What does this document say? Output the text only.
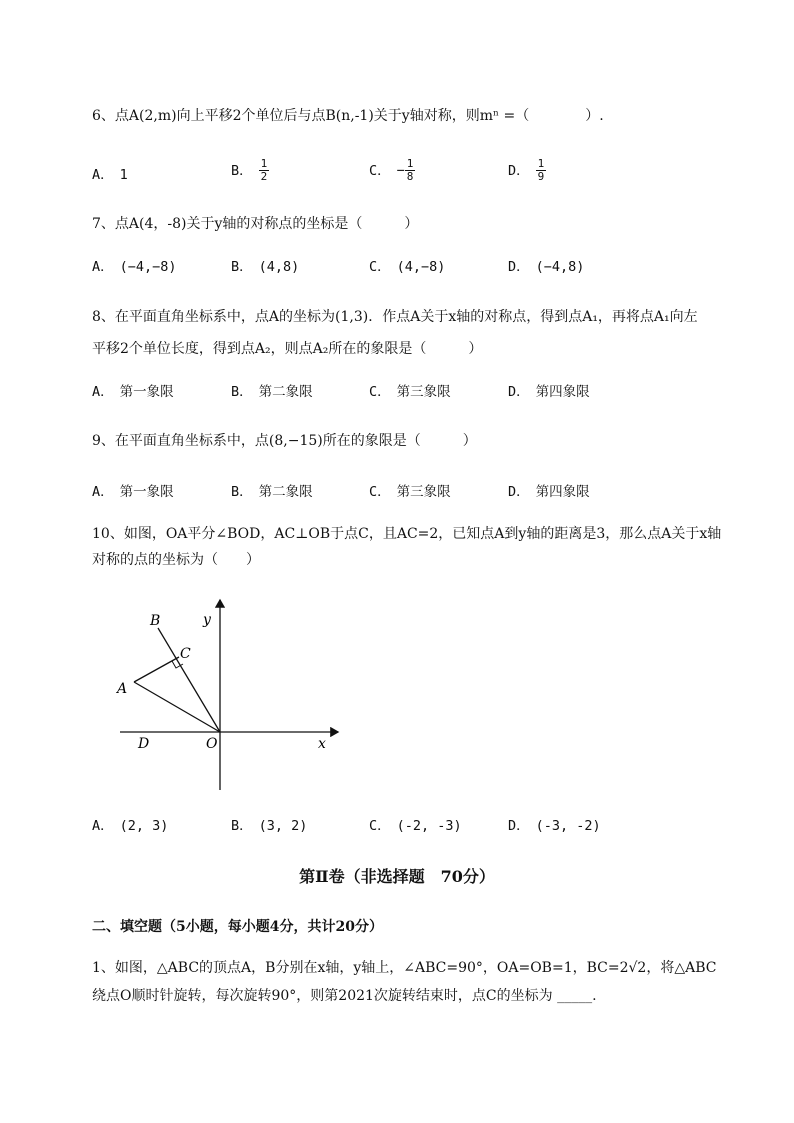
6、点A(2,m)向上平移2个单位后与点B(n,-1)关于y轴对称，则mⁿ =（　　　　）.
A． 1	B． $\frac{1}{2}$	C． − $\frac{1}{8}$	D． $\frac{1}{9}$
7、点A(4，-8)关于y轴的对称点的坐标是（　　　）
A． (−4,−8)	B． (4,8)	C． (4,−8)	D． (−4,8)
8、在平面直角坐标系中，点A的坐标为(1,3)．作点A关于x轴的对称点，得到点A₁，再将点A₁向左
平移2个单位长度，得到点A₂，则点A₂所在的象限是（　　　）
A． 第一象限	B． 第二象限	C． 第三象限	D． 第四象限
9、在平面直角坐标系中，点(8,−15)所在的象限是（　　　）
A． 第一象限	B． 第二象限	C． 第三象限	D． 第四象限
10、如图，OA平分∠BOD，AC⊥OB于点C，且AC=2，已知点A到y轴的距离是3，那么点A关于x轴
对称的点的坐标为（　　）
B	y
C
A
D	O	x
A． (2, 3)	B． (3, 2)	C． (-2, -3)	D． (-3, -2)
第Ⅱ卷（非选择题　70分）
二、填空题（5小题，每小题4分，共计20分）
1、如图，△ABC的顶点A，B分别在x轴，y轴上，∠ABC=90°，OA=OB=1，BC=2√2，将△ABC
绕点O顺时针旋转，每次旋转90°，则第2021次旋转结束时，点C的坐标为 _____.
